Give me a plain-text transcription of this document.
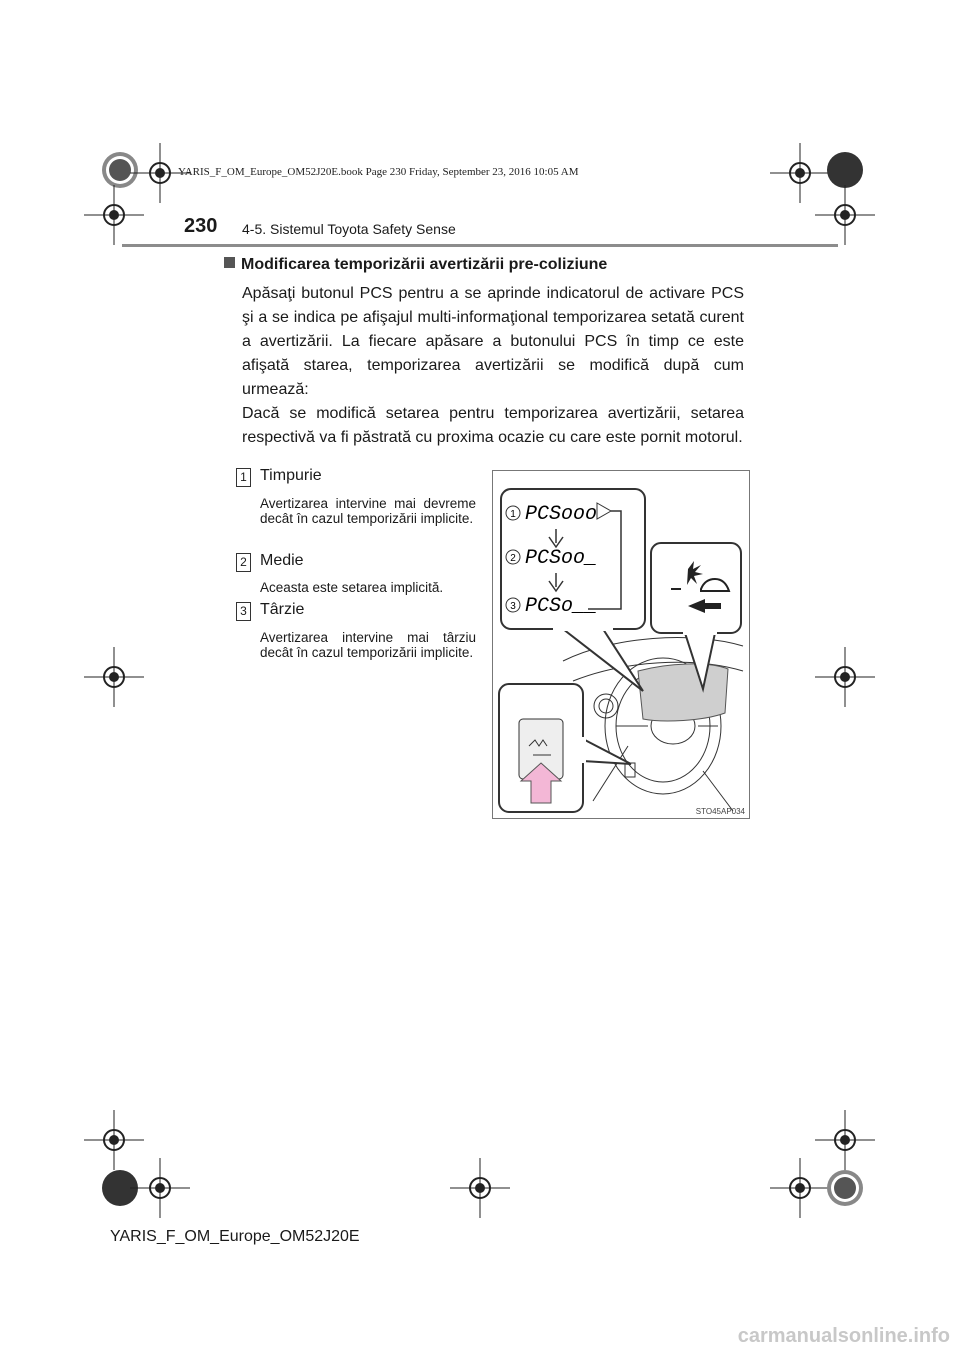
YARIS_F_OM_Europe_OM52J20E.book Page 230 Friday, September 23, 2016 10:05 AM
230 4-5. Sistemul Toyota Safety Sense
Modificarea temporizării avertizării pre-coliziune
Apăsaţi butonul PCS pentru a se aprinde indicatorul de activare PCS şi a se indica pe afişajul multi-informaţional temporizarea setată curent a avertizării. La fiecare apăsare a butonului PCS în timp ce este afişată starea, temporizarea avertizării se modifică după cum urmează:
Dacă se modifică setarea pentru temporizarea avertizării, setarea respectivă va fi păstrată cu proxima ocazie cu care este pornit motorul.
1 Timpurie
Avertizarea intervine mai devreme decât în cazul temporizării implicite.
2 Medie
Aceasta este setarea implicită.
3 Târzie
Avertizarea intervine mai târziu decât în cazul temporizării implicite.
1
2
3
PCSooo
PCSoo_
PCSo__
STO45AP034
YARIS_F_OM_Europe_OM52J20E
carmanualsonline.info
